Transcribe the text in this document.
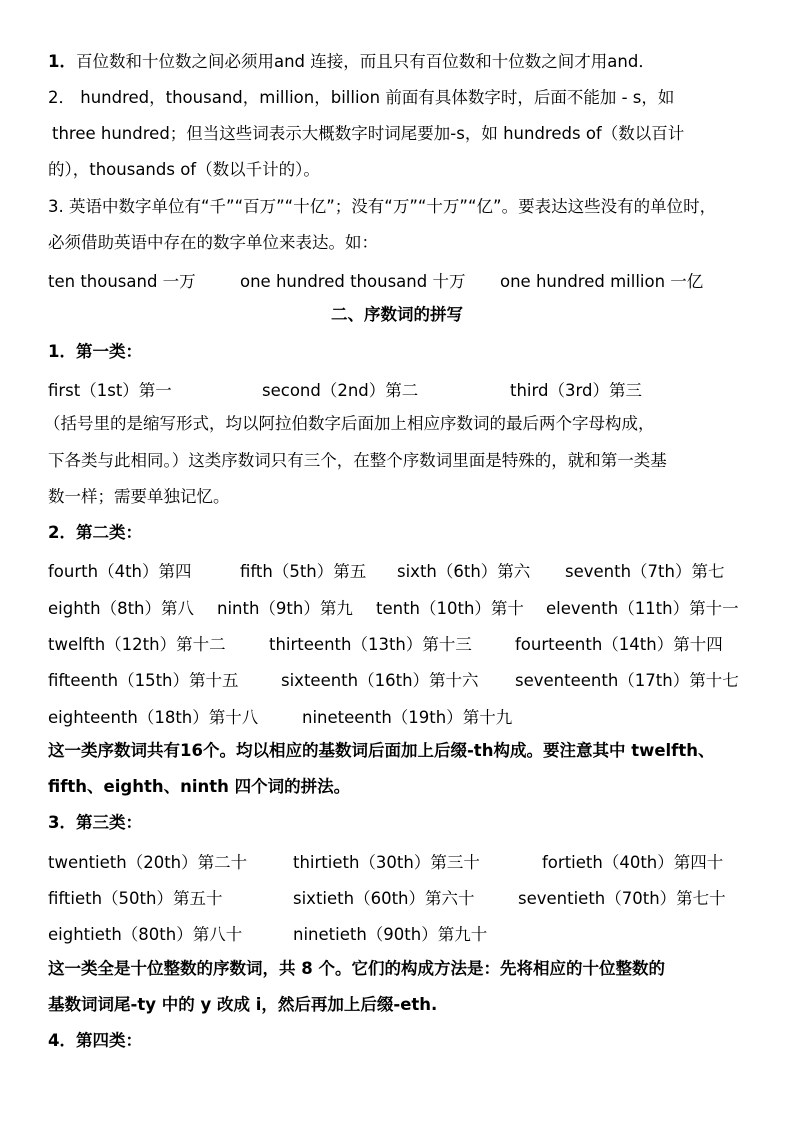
1．百位数和十位数之间必须用and 连接，而且只有百位数和十位数之间才用and．
2． hundred，thousand，million，billion 前面有具体数字时，后面不能加 - s，如
three hundred；但当这些词表示大概数字时词尾要加-s，如 hundreds of（数以百计
的），thousands of（数以千计的）。
3. 英语中数字单位有“千”“百万”“十亿”；没有“万”“十万”“亿”。要表达这些没有的单位时，
必须借助英语中存在的数字单位来表达。如：
ten thousand 一万	one hundred thousand 十万 one hundred million 一亿
二、序数词的拼写
1．第一类：
first（1st）第一	second（2nd）第二	third（3rd）第三
（括号里的是缩写形式，均以阿拉伯数字后面加上相应序数词的最后两个字母构成，
下各类与此相同。）这类序数词只有三个，在整个序数词里面是特殊的，就和第一类基
数一样；需要单独记忆。
2．第二类：
fourth（4th）第四	fifth（5th）第五 sixth（6th）第六 seventh（7th）第七
eighth（8th）第八 ninth（9th）第九 tenth（10th）第十 eleventh（11th）第十一
twelfth（12th）第十二	thirteenth（13th）第十三	fourteenth（14th）第十四
fifteenth（15th）第十五	sixteenth（16th）第十六 seventeenth（17th）第十七
eighteenth（18th）第十八	nineteenth（19th）第十九
这一类序数词共有16个。均以相应的基数词后面加上后缀-th构成。要注意其中 twelfth、
fifth、eighth、ninth 四个词的拼法。
3．第三类：
twentieth（20th）第二十	thirtieth（30th）第三十	fortieth（40th）第四十
fiftieth（50th）第五十	sixtieth（60th）第六十	seventieth（70th）第七十
eightieth（80th）第八十	ninetieth（90th）第九十
这一类全是十位整数的序数词，共 8 个。它们的构成方法是：先将相应的十位整数的
基数词词尾-ty 中的 y 改成 i，然后再加上后缀-eth.
4．第四类：
